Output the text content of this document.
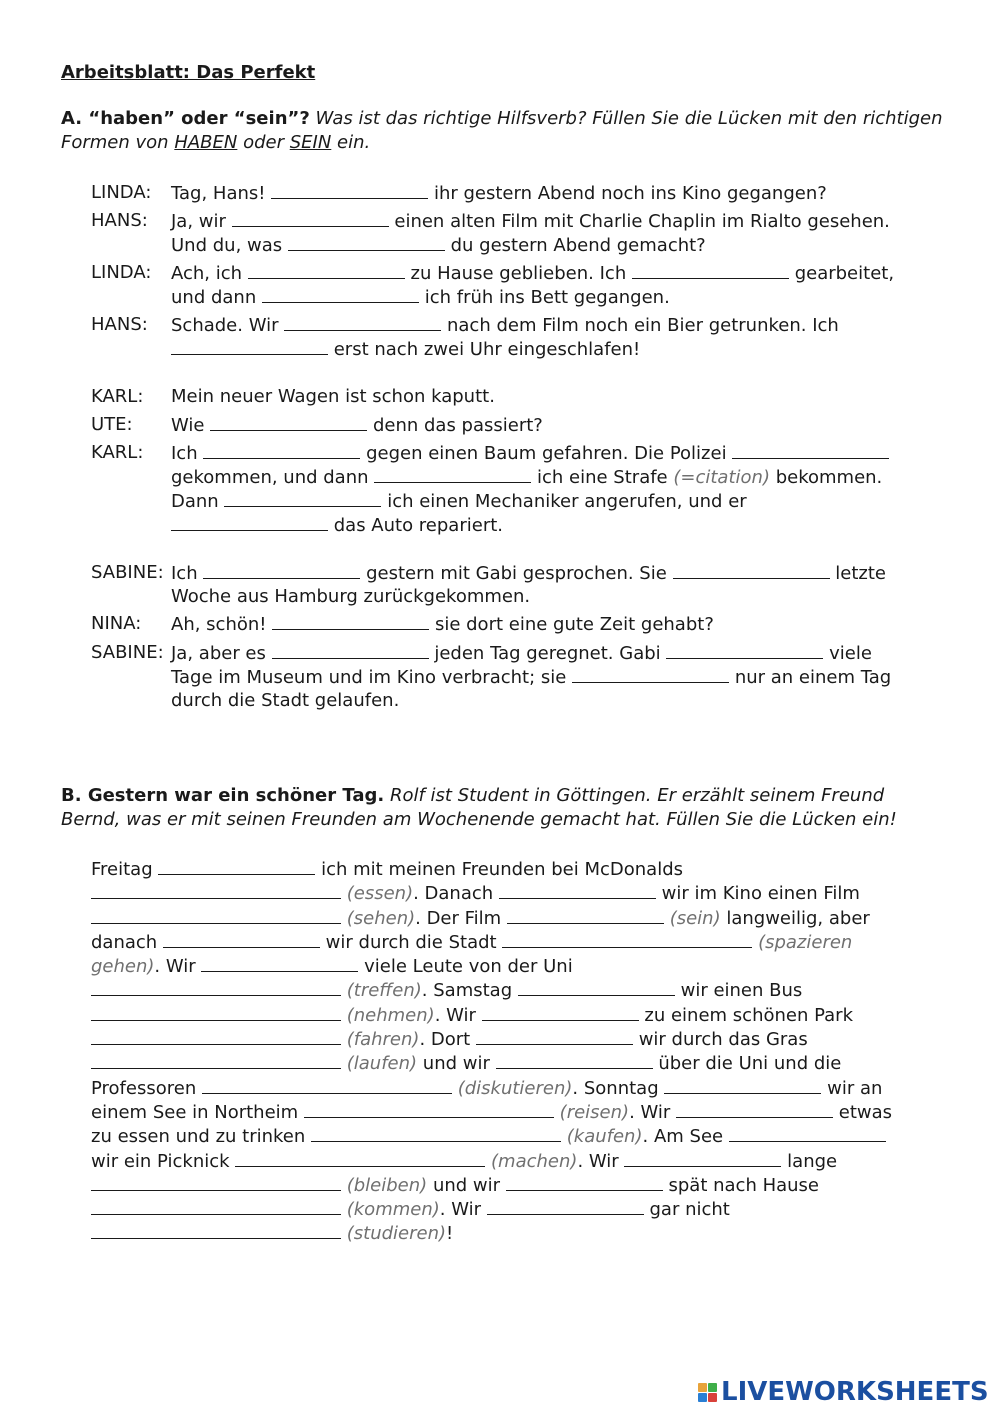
Arbeitsblatt: Das Perfekt
A. “haben” oder “sein”? Was ist das richtige Hilfsverb? Füllen Sie die Lücken mit den richtigen
Formen von HABEN oder SEIN ein.
LINDA: Tag, Hans!	ihr gestern Abend noch ins Kino gegangen?
HANS: Ja, wir	einen alten Film mit Charlie Chaplin im Rialto gesehen.
Und du, was	du gestern Abend gemacht?
LINDA: Ach, ich	zu Hause geblieben. Ich	gearbeitet,
und dann	ich früh ins Bett gegangen.
HANS: Schade. Wir	nach dem Film noch ein Bier getrunken. Ich
erst nach zwei Uhr eingeschlafen!
KARL: Mein neuer Wagen ist schon kaputt.
UTE: Wie	denn das passiert?
KARL: Ich	gegen einen Baum gefahren. Die Polizei
gekommen, und dann	ich eine Strafe (=citation) bekommen.
Dann	ich einen Mechaniker angerufen, und er
das Auto repariert.
SABINE: Ich	gestern mit Gabi gesprochen. Sie	letzte
Woche aus Hamburg zurückgekommen.
NINA: Ah, schön!	sie dort eine gute Zeit gehabt?
SABINE: Ja, aber es	jeden Tag geregnet. Gabi	viele
Tage im Museum und im Kino verbracht; sie	nur an einem Tag
durch die Stadt gelaufen.
B. Gestern war ein schöner Tag. Rolf ist Student in Göttingen. Er erzählt seinem Freund
Bernd, was er mit seinen Freunden am Wochenende gemacht hat. Füllen Sie die Lücken ein!
Freitag	ich mit meinen Freunden bei McDonalds
(essen). Danach	wir im Kino einen Film
(sehen). Der Film	(sein) langweilig, aber
danach	wir durch die Stadt	(spazieren
gehen). Wir	viele Leute von der Uni
(treffen). Samstag	wir einen Bus
(nehmen). Wir	zu einem schönen Park
(fahren). Dort	wir durch das Gras
(laufen) und wir	über die Uni und die
Professoren	(diskutieren). Sonntag	wir an
einem See in Northeim	(reisen). Wir	etwas
zu essen und zu trinken	(kaufen). Am See
wir ein Picknick	(machen). Wir	lange
(bleiben) und wir	spät nach Hause
(kommen). Wir	gar nicht
(studieren)!
LIVEWORKSHEETS
